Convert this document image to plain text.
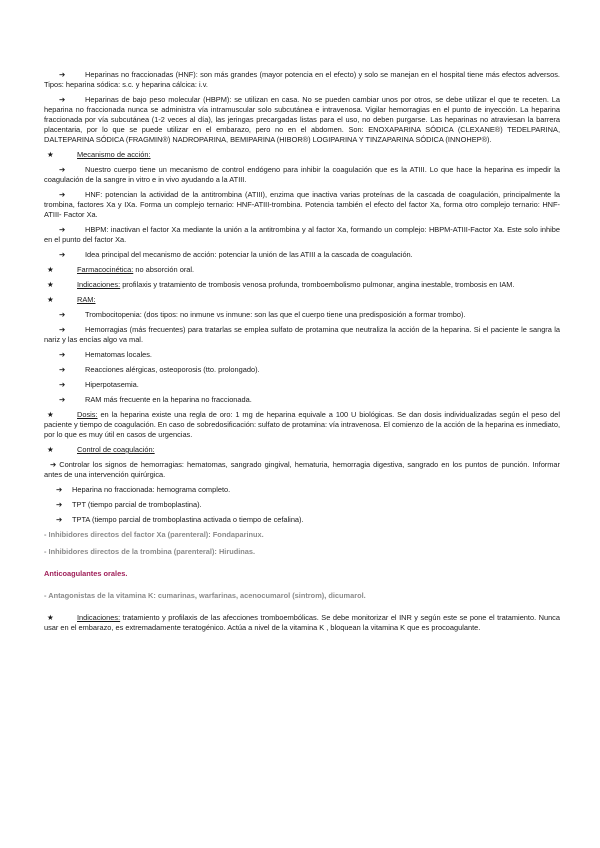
➔	Heparinas no fraccionadas (HNF): son más grandes (mayor potencia en el efecto) y solo se manejan en el hospital tiene más efectos adversos. Tipos: heparina sódica: s.c. y heparina cálcica: i.v.

➔	Heparinas de bajo peso molecular (HBPM): se utilizan en casa. No se pueden cambiar unos por otros, se debe utilizar el que te receten. La heparina no fraccionada nunca se administra vía intramuscular solo subcutánea e intravenosa. Vigilar hemorragias en el punto de inyección. La heparina fraccionada por vía subcutánea (1-2 veces al día), las jeringas precargadas listas para el uso, no deben purgarse. Las heparinas no atraviesan la barrera placentaria, por lo que se puede utilizar en el embarazo, pero no en el abdomen. Son: ENOXAPARINA SÓDICA (CLEXANE®) TEDELPARINA, DALTEPARINA SÓDICA (FRAGMIN®) NADROPARINA, BEMIPARINA (HIBOR®) LOGIPARINA Y TINZAPARINA SÓDICA (INNOHEP®).

★	Mecanismo de acción:

➔	Nuestro cuerpo tiene un mecanismo de control endógeno para inhibir la coagulación que es la ATIII. Lo que hace la heparina es impedir la coagulación de la sangre in vitro e in vivo ayudando a la ATIII.

➔	HNF: potencian la actividad de la antitrombina (ATIII), enzima que inactiva varias proteínas de la cascada de coagulación, principalmente la trombina, factores Xa y IXa. Forma un complejo ternario: HNF-ATIII-trombina. Potencia también el efecto del factor Xa, forma otro complejo ternario: HNF-ATIII- Factor Xa.

➔	HBPM: inactivan el factor Xa mediante la unión a la antitrombina y al factor Xa, formando un complejo: HBPM-ATIII-Factor Xa. Este solo inhibe en el punto del factor Xa.

➔	Idea principal del mecanismo de acción: potenciar la unión de las ATIII a la cascada de coagulación.

★	Farmacocinética: no absorción oral.

★	Indicaciones: profilaxis y tratamiento de trombosis venosa profunda, tromboembolismo pulmonar, angina inestable, trombosis en IAM.

★	RAM:

➔	Trombocitopenia: (dos tipos: no inmune vs inmune: son las que el cuerpo tiene una predisposición a formar trombo).

➔	Hemorragias (más frecuentes) para tratarlas se emplea sulfato de protamina que neutraliza la acción de la heparina. Si el paciente le sangra la nariz y las encías algo va mal.

➔	Hematomas locales.

➔	Reacciones alérgicas, osteoporosis (tto. prolongado).

➔	Hiperpotasemia.

➔	RAM más frecuente en la heparina no fraccionada.

★	Dosis: en la heparina existe una regla de oro: 1 mg de heparina equivale a 100 U biológicas. Se dan dosis individualizadas según el peso del paciente y tiempo de coagulación. En caso de sobredosificación: sulfato de protamina: vía intravenosa. El comienzo de la acción de la heparina es inmediato, por lo que es muy útil en casos de urgencias.

★	Control de coagulación:

➔ Controlar los signos de hemorragias: hematomas, sangrado gingival, hematuria, hemorragia digestiva, sangrado en los puntos de punción. Informar antes de una intervención quirúrgica.

➔ Heparina no fraccionada: hemograma completo.

➔ TPT (tiempo parcial de tromboplastina).

➔ TPTA (tiempo parcial de tromboplastina activada o tiempo de cefalina).

- Inhibidores directos del factor Xa (parenteral): Fondaparinux.

- Inhibidores directos de la trombina (parenteral): Hirudinas.

Anticoagulantes orales.

- Antagonistas de la vitamina K: cumarinas, warfarinas, acenocumarol (sintrom), dicumarol.

★	Indicaciones: tratamiento y profilaxis de las afecciones tromboembólicas. Se debe monitorizar el INR y según este se pone el tratamiento. Nunca usar en el embarazo, es extremadamente teratogénico. Actúa a nivel de la vitamina K , bloquean la vitamina K que es procoagulante.
